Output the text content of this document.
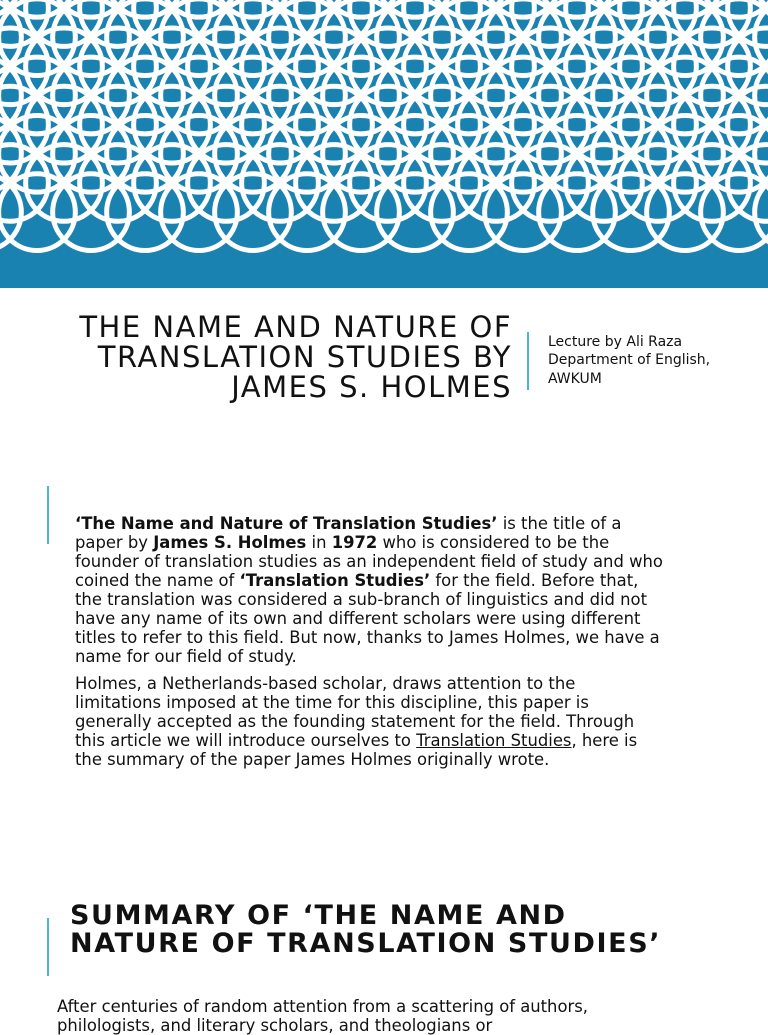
THE NAME AND NATURE OF
TRANSLATION STUDIES BY
JAMES S. HOLMES
Lecture by Ali Raza
Department of English,
AWKUM

‘The Name and Nature of Translation Studies’ is the title of a paper by James S. Holmes in 1972 who is considered to be the founder of translation studies as an independent field of study and who coined the name of ‘Translation Studies’ for the field. Before that, the translation was considered a sub-branch of linguistics and did not have any name of its own and different scholars were using different titles to refer to this field. But now, thanks to James Holmes, we have a name for our field of study.

Holmes, a Netherlands-based scholar, draws attention to the limitations imposed at the time for this discipline, this paper is generally accepted as the founding statement for the field. Through this article we will introduce ourselves to Translation Studies, here is the summary of the paper James Holmes originally wrote.

SUMMARY OF ‘THE NAME AND
NATURE OF TRANSLATION STUDIES’
After centuries of random attention from a scattering of authors,
philologists, and literary scholars, and theologians or
